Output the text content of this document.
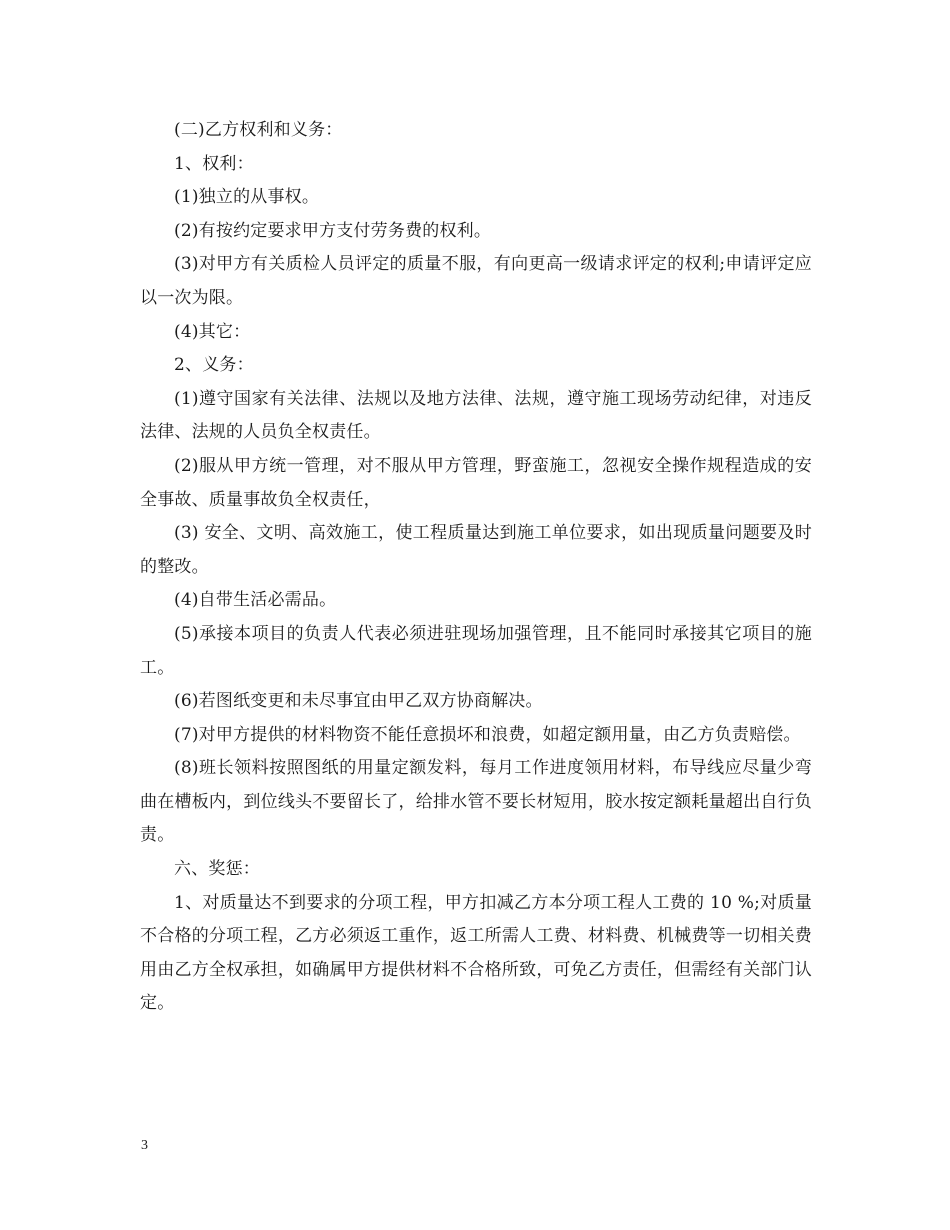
(二)乙方权利和义务：

1、权利：

(1)独立的从事权。

(2)有按约定要求甲方支付劳务费的权利。

(3)对甲方有关质检人员评定的质量不服，有向更高一级请求评定的权利;申请评定应以一次为限。

(4)其它：

2、义务：

(1)遵守国家有关法律、法规以及地方法律、法规，遵守施工现场劳动纪律，对违反法律、法规的人员负全权责任。

(2)服从甲方统一管理，对不服从甲方管理，野蛮施工，忽视安全操作规程造成的安全事故、质量事故负全权责任，

(3) 安全、文明、高效施工，使工程质量达到施工单位要求，如出现质量问题要及时的整改。

(4)自带生活必需品。

(5)承接本项目的负责人代表必须进驻现场加强管理，且不能同时承接其它项目的施工。

(6)若图纸变更和未尽事宜由甲乙双方协商解决。

(7)对甲方提供的材料物资不能任意损坏和浪费，如超定额用量，由乙方负责赔偿。

(8)班长领料按照图纸的用量定额发料，每月工作进度领用材料，布导线应尽量少弯曲在槽板内，到位线头不要留长了，给排水管不要长材短用，胶水按定额耗量超出自行负责。

六、奖惩：

1、对质量达不到要求的分项工程，甲方扣减乙方本分项工程人工费的 10 %;对质量不合格的分项工程，乙方必须返工重作，返工所需人工费、材料费、机械费等一切相关费用由乙方全权承担，如确属甲方提供材料不合格所致，可免乙方责任，但需经有关部门认定。

3
